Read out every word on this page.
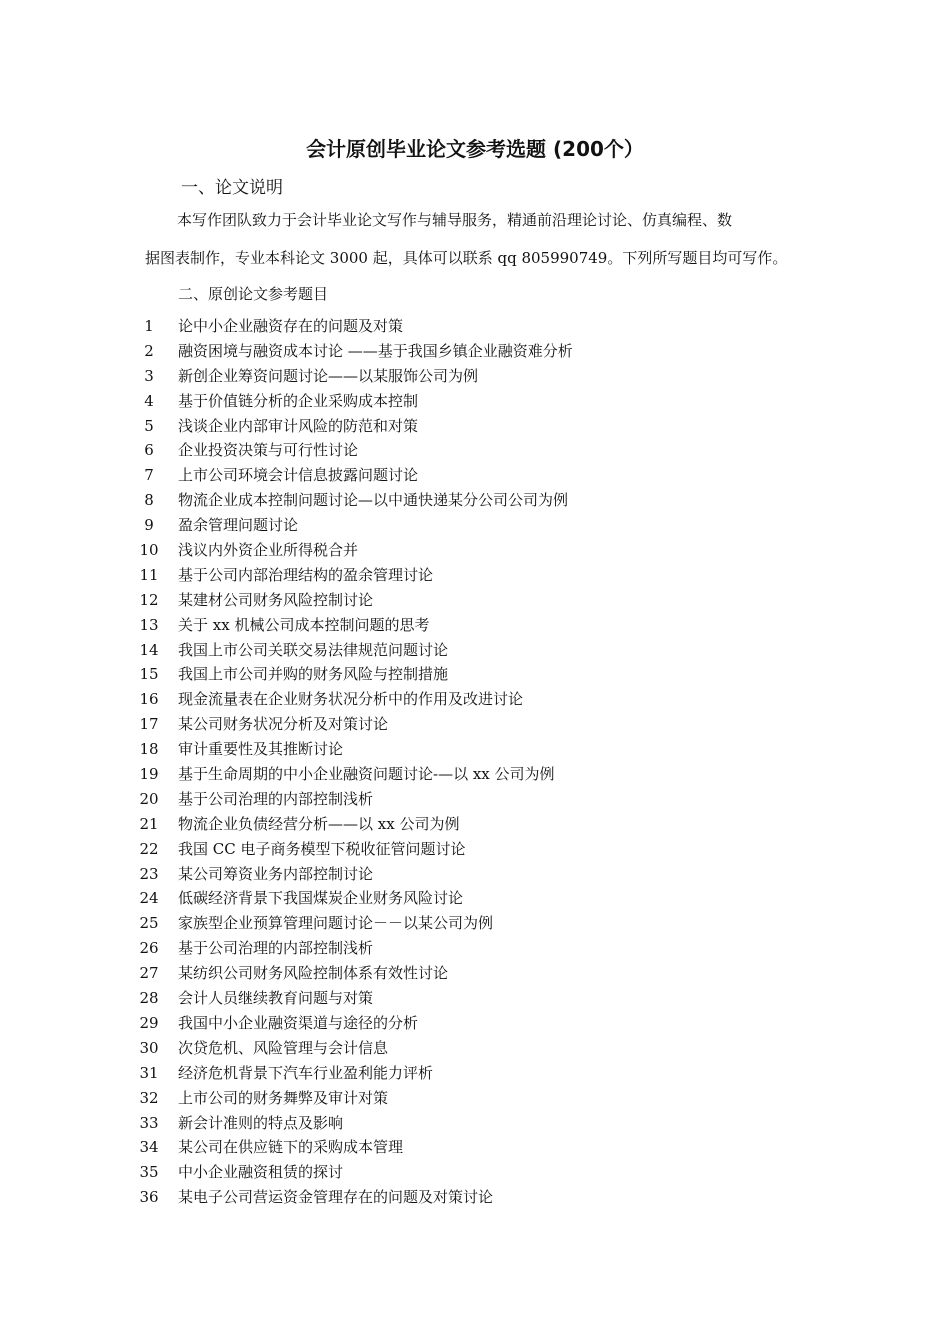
会计原创毕业论文参考选题 (200个）
一、论文说明
本写作团队致力于会计毕业论文写作与辅导服务，精通前沿理论讨论、仿真编程、数
据图表制作，专业本科论文 3000 起，具体可以联系 qq 805990749。下列所写题目均可写作。
二、原创论文参考题目
1	论中小企业融资存在的问题及对策
2	融资困境与融资成本讨论 ——基于我国乡镇企业融资难分析
3	新创企业筹资问题讨论——以某服饰公司为例
4	基于价值链分析的企业采购成本控制
5	浅谈企业内部审计风险的防范和对策
6	企业投资决策与可行性讨论
7	上市公司环境会计信息披露问题讨论
8	物流企业成本控制问题讨论—以中通快递某分公司公司为例
9	盈余管理问题讨论
10 浅议内外资企业所得税合并
11 基于公司内部治理结构的盈余管理讨论
12 某建材公司财务风险控制讨论
13 关于 xx 机械公司成本控制问题的思考
14 我国上市公司关联交易法律规范问题讨论
15 我国上市公司并购的财务风险与控制措施
16 现金流量表在企业财务状况分析中的作用及改进讨论
17 某公司财务状况分析及对策讨论
18 审计重要性及其推断讨论
19 基于生命周期的中小企业融资问题讨论-—以 xx 公司为例
20 基于公司治理的内部控制浅析
21 物流企业负债经营分析——以 xx 公司为例
22 我国 CC 电子商务模型下税收征管问题讨论
23 某公司筹资业务内部控制讨论
24 低碳经济背景下我国煤炭企业财务风险讨论
25 家族型企业预算管理问题讨论－－以某公司为例
26 基于公司治理的内部控制浅析
27 某纺织公司财务风险控制体系有效性讨论
28 会计人员继续教育问题与对策
29 我国中小企业融资渠道与途径的分析
30 次贷危机、风险管理与会计信息
31 经济危机背景下汽车行业盈利能力评析
32 上市公司的财务舞弊及审计对策
33 新会计准则的特点及影响
34 某公司在供应链下的采购成本管理
35 中小企业融资租赁的探讨
36 某电子公司营运资金管理存在的问题及对策讨论
